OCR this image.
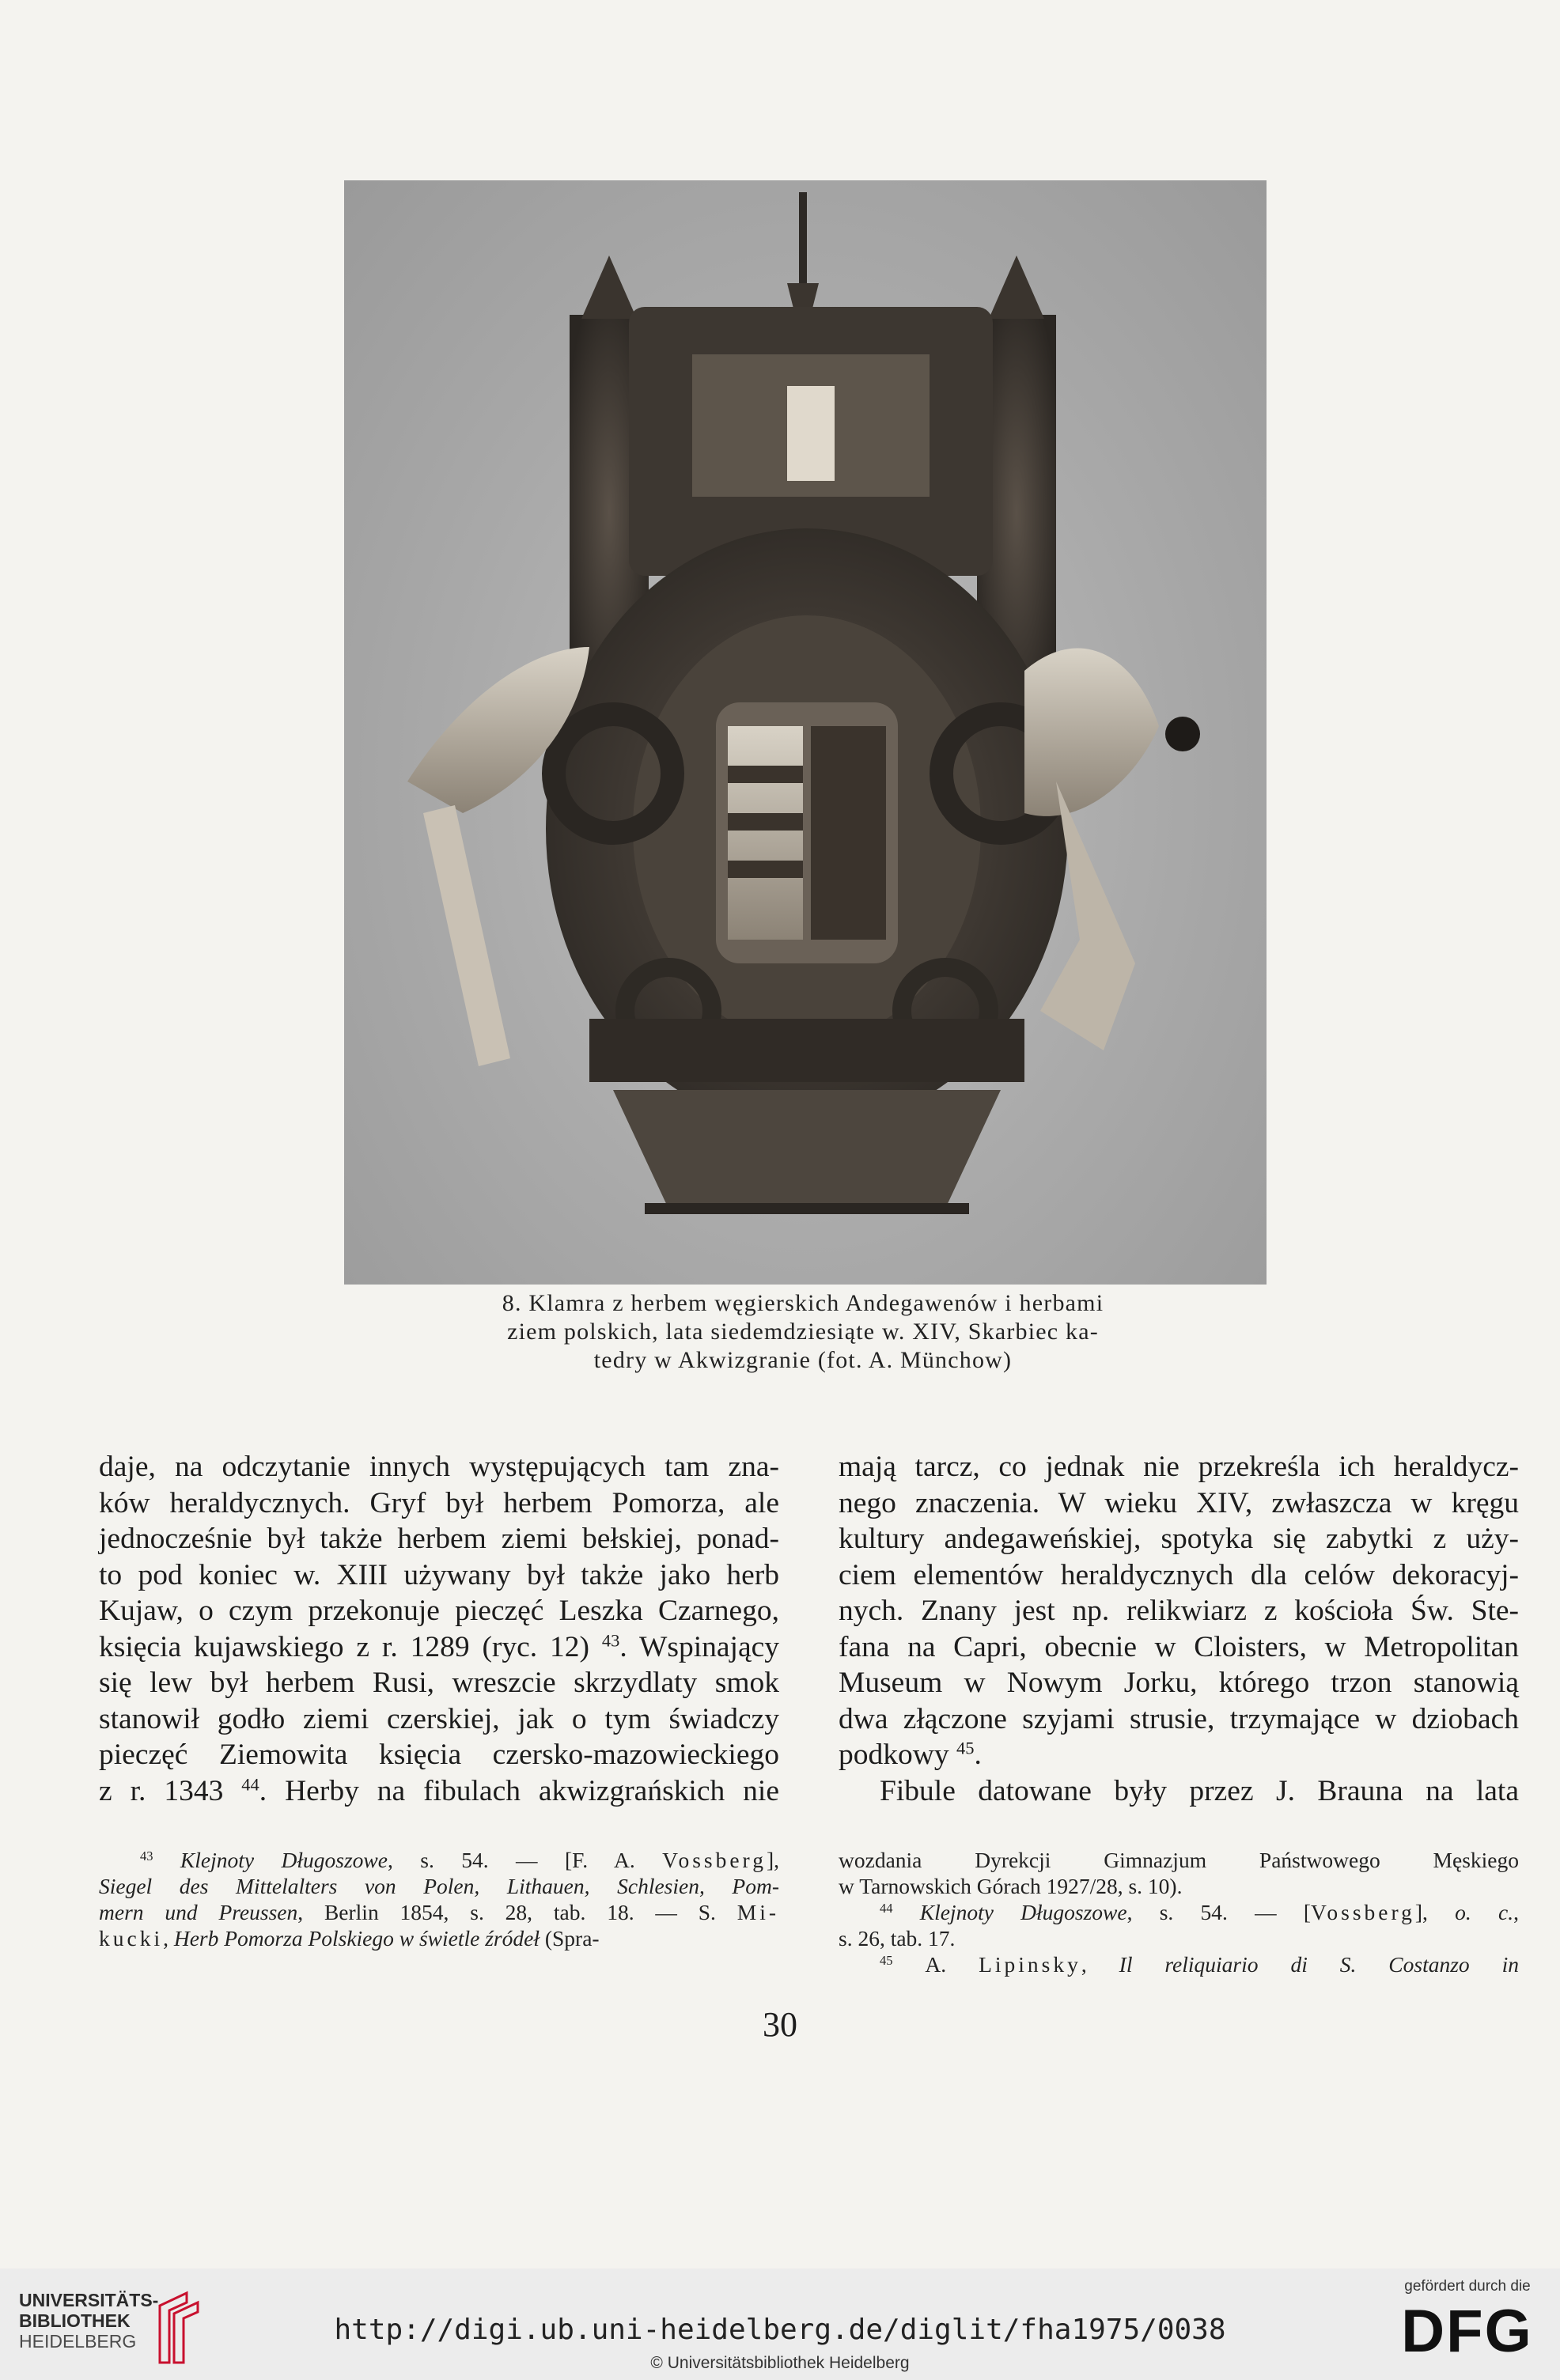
8. Klamra z herbem węgierskich Andegawenów i herbami
ziem polskich, lata siedemdziesiąte w. XIV, Skarbiec ka-
tedry w Akwizgranie (fot. A. Münchow)
daje, na odczytanie innych występujących tam zna-
ków heraldycznych. Gryf był herbem Pomorza, ale
jednocześnie był także herbem ziemi bełskiej, ponad-
to pod koniec w. XIII używany był także jako herb
Kujaw, o czym przekonuje pieczęć Leszka Czarnego,
księcia kujawskiego z r. 1289 (ryc. 12) $^{43}$. Wspinający
się lew był herbem Rusi, wreszcie skrzydlaty smok
stanowił godło ziemi czerskiej, jak o tym świadczy
pieczęć Ziemowita księcia czersko-mazowieckiego
z r. 1343 $^{44}$. Herby na fibulach akwizgrańskich nie
mają tarcz, co jednak nie przekreśla ich heraldycz-
nego znaczenia. W wieku XIV, zwłaszcza w kręgu
kultury andegaweńskiej, spotyka się zabytki z uży-
ciem elementów heraldycznych dla celów dekoracyj-
nych. Znany jest np. relikwiarz z kościoła Św. Ste-
fana na Capri, obecnie w Cloisters, w Metropolitan
Museum w Nowym Jorku, którego trzon stanowią
dwa złączone szyjami strusie, trzymające w dziobach
podkowy $^{45}$.
Fibule datowane były przez J. Brauna na lata
$^{43}$ Klejnoty Długoszowe, s. 54. — [F. A. Vossberg],
Siegel des Mittelalters von Polen, Lithauen, Schlesien, Pom-
mern und Preussen, Berlin 1854, s. 28, tab. 18. — S. Mi-
kucki, Herb Pomorza Polskiego w świetle źródeł (Spra-
wozdania Dyrekcji Gimnazjum Państwowego Męskiego
w Tarnowskich Górach 1927/28, s. 10).
$^{44}$ Klejnoty Długoszowe, s. 54. — [Vossberg], o. c.,
s. 26, tab. 17.
$^{45}$ A. Lipinsky, Il reliquiario di S. Costanzo in
30
UNIVERSITÄTS-
BIBLIOTHEK
HEIDELBERG	http://digi.ub.uni-heidelberg.de/diglit/fha1975/0038
© Universitätsbibliothek Heidelberg
gefördert durch die
DFG
